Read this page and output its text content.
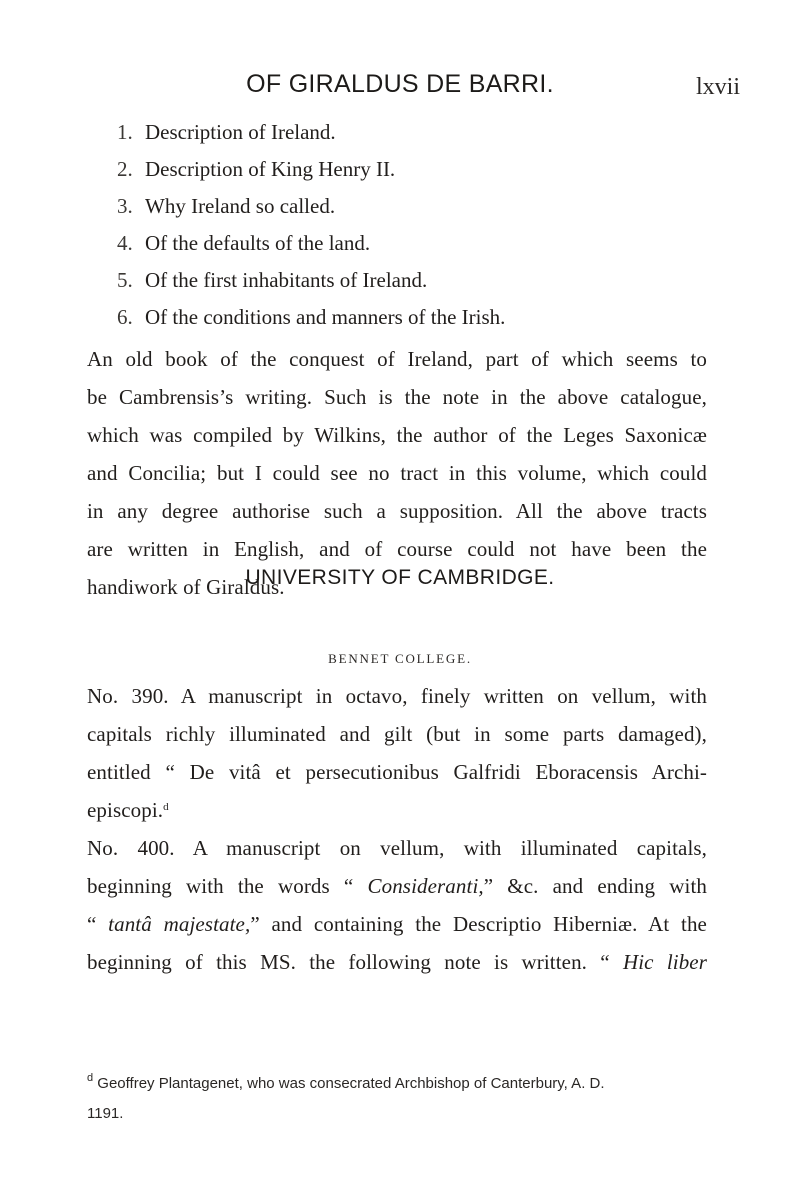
OF GIRALDUS DE BARRI.	lxvii
1. Description of Ireland.
2. Description of King Henry II.
3. Why Ireland so called.
4. Of the defaults of the land.
5. Of the first inhabitants of Ireland.
6. Of the conditions and manners of the Irish.
An old book of the conquest of Ireland, part of which seems to
be Cambrensis’s writing. Such is the note in the above catalogue,
which was compiled by Wilkins, the author of the Leges Saxonicæ
and Concilia; but I could see no tract in this volume, which could
in any degree authorise such a supposition. All the above tracts
are written in English, and of course could not have been the
handiwork of Giraldus.
UNIVERSITY OF CAMBRIDGE.
BENNET COLLEGE.
No. 390. A manuscript in octavo, finely written on vellum, with
capitals richly illuminated and gilt (but in some parts damaged),
entitled “ De vitâ et persecutionibus Galfridi Eboracensis Archi-
episcopi.$^d$
No. 400. A manuscript on vellum, with illuminated capitals,
beginning with the words “ Consideranti,” &c. and ending with
“ tantâ majestate,” and containing the Descriptio Hiberniæ. At the
beginning of this MS. the following note is written. “ Hic liber
$^d$ Geoffrey Plantagenet, who was consecrated Archbishop of Canterbury, A. D.
1191.
